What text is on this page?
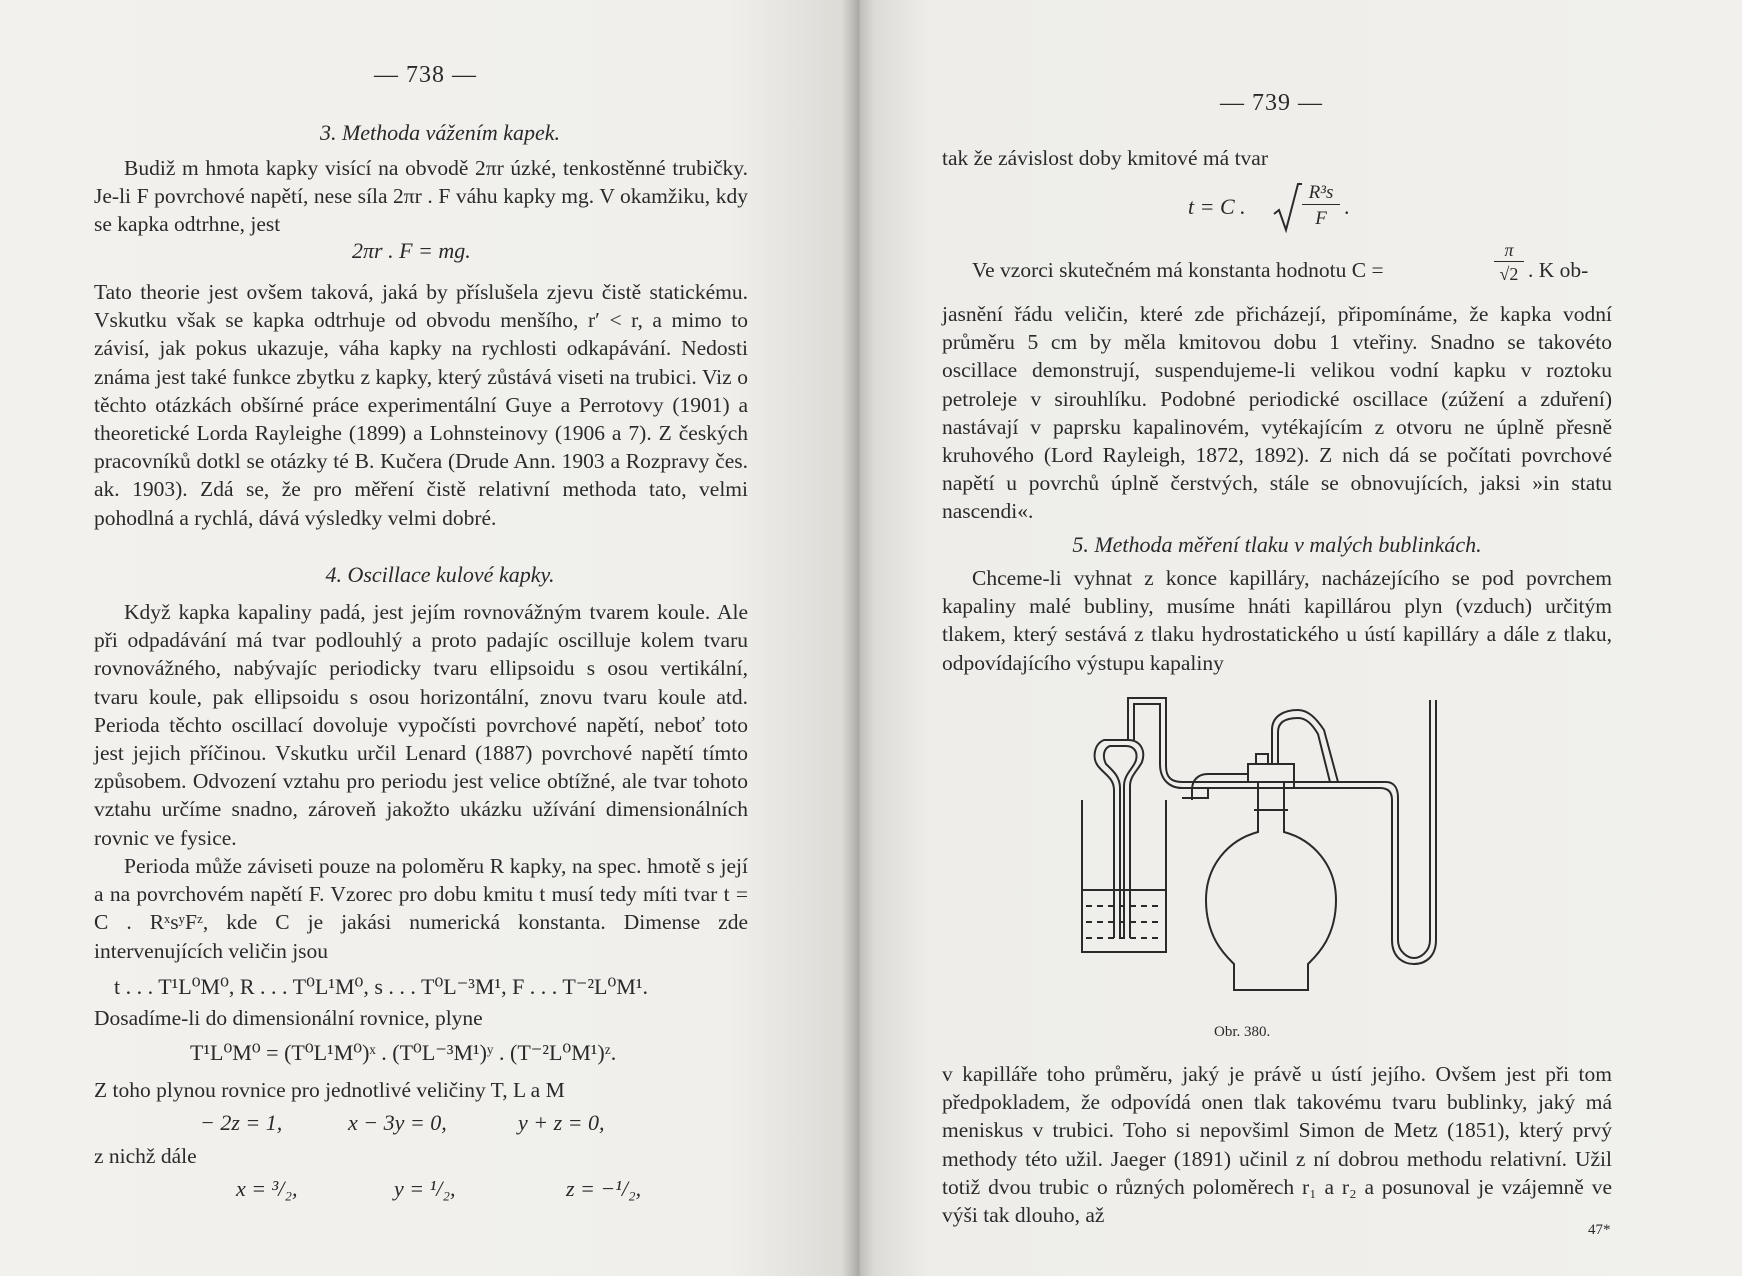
— 738 —
3. Methoda vážením kapek.

Budiž m hmota kapky visící na obvodě 2πr úzké, tenkostěnné trubičky. Je-li F povrchové napětí, nese síla 2πr . F váhu kapky mg. V okamžiku, kdy se kapka odtrhne, jest

2πr . F = mg.

Tato theorie jest ovšem taková, jaká by příslušela zjevu čistě statickému. Vskutku však se kapka odtrhuje od obvodu menšího, r′ < r, a mimo to závisí, jak pokus ukazuje, váha kapky na rychlosti odkapávání. Nedosti známa jest také funkce zbytku z kapky, který zůstává viseti na trubici. Viz o těchto otázkách obšírné práce experimentální Guye a Perrotovy (1901) a theoretické Lorda Rayleighe (1899) a Lohnsteinovy (1906 a 7). Z českých pracovníků dotkl se otázky té B. Kučera (Drude Ann. 1903 a Rozpravy čes. ak. 1903). Zdá se, že pro měření čistě relativní methoda tato, velmi pohodlná a rychlá, dává výsledky velmi dobré.

4. Oscillace kulové kapky.

Když kapka kapaliny padá, jest jejím rovnovážným tvarem koule. Ale při odpadávání má tvar podlouhlý a proto padajíc oscilluje kolem tvaru rovnovážného, nabývajíc periodicky tvaru ellipsoidu s osou vertikální, tvaru koule, pak ellipsoidu s osou horizontální, znovu tvaru koule atd. Perioda těchto oscillací dovoluje vypočísti povrchové napětí, neboť toto jest jejich příčinou. Vskutku určil Lenard (1887) povrchové napětí tímto způsobem. Odvození vztahu pro periodu jest velice obtížné, ale tvar tohoto vztahu určíme snadno, zároveň jakožto ukázku užívání dimensionálních rovnic ve fysice.

Perioda může záviseti pouze na poloměru R kapky, na spec. hmotě s její a na povrchovém napětí F. Vzorec pro dobu kmitu t musí tedy míti tvar t = C . RˣsʸFᶻ, kde C je jakási numerická konstanta. Dimense zde intervenujících veličin jsou

t . . . T¹L⁰M⁰, R . . . T⁰L¹M⁰, s . . . T⁰L⁻³M¹, F . . . T⁻²L⁰M¹.
Dosadíme-li do dimensionální rovnice, plyne
T¹L⁰M⁰ = (T⁰L¹M⁰)ˣ . (T⁰L⁻³M¹)ʸ . (T⁻²L⁰M¹)ᶻ.
Z toho plynou rovnice pro jednotlivé veličiny T, L a M
− 2z = 1,	x − 3y = 0,	y + z = 0,
z nichž dále
x = ³/₂,	y = ¹/₂,	z = −¹/₂,
— 739 —
tak že závislost doby kmitové má tvar
t = C .
R³s
F .
Ve vzorci skutečném má konstanta hodnotu C =
π
√2 . K ob-

jasnění řádu veličin, které zde přicházejí, připomínáme, že kapka vodní průměru 5 cm by měla kmitovou dobu 1 vteřiny. Snadno se takovéto oscillace demonstrují, suspendujeme-li velikou vodní kapku v roztoku petroleje v sirouhlíku. Podobné periodické oscillace (zúžení a zduření) nastávají v paprsku kapalinovém, vytékajícím z otvoru ne úplně přesně kruhového (Lord Rayleigh, 1872, 1892). Z nich dá se počítati povrchové napětí u povrchů úplně čerstvých, stále se obnovujících, jaksi »in statu nascendi«.

5. Methoda měření tlaku v malých bublinkách.

Chceme-li vyhnat z konce kapilláry, nacházejícího se pod povrchem kapaliny malé bubliny, musíme hnáti kapillárou plyn (vzduch) určitým tlakem, který sestává z tlaku hydrostatického u ústí kapilláry a dále z tlaku, odpovídajícího výstupu kapaliny

Obr. 380.

v kapilláře toho průměru, jaký je právě u ústí jejího. Ovšem jest při tom předpokladem, že odpovídá onen tlak takovému tvaru bublinky, jaký má meniskus v trubici. Toho si nepovšiml Simon de Metz (1851), který prvý methody této užil. Jaeger (1891) učinil z ní dobrou methodu relativní. Užil totiž dvou trubic o různých poloměrech r₁ a r₂ a posunoval je vzájemně ve výši tak dlouho, až

47*
